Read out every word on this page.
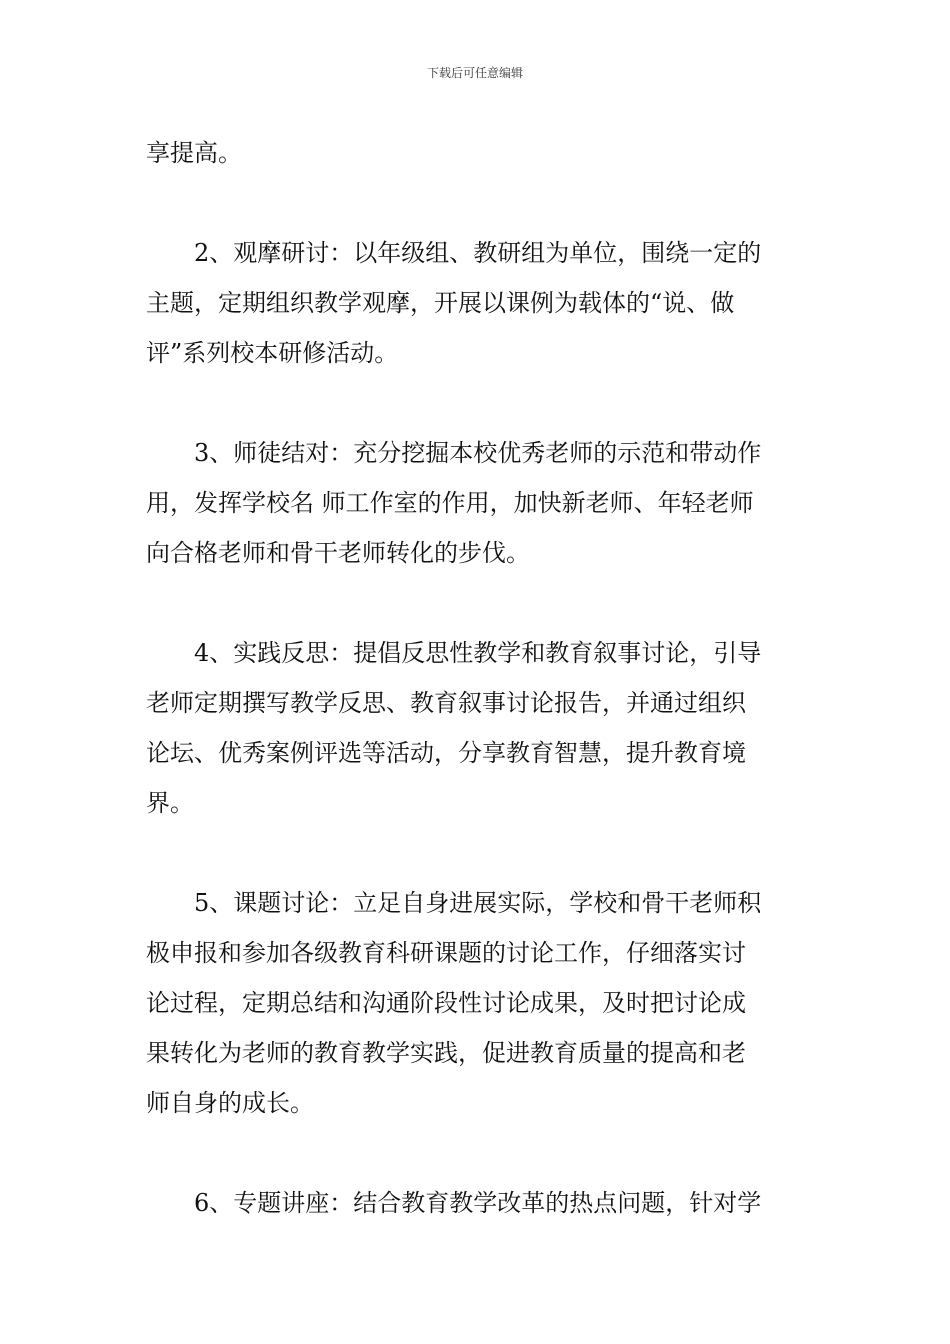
下载后可任意编辑
享提高。
2、观摩研讨：以年级组、教研组为单位，围绕一定的
主题，定期组织教学观摩，开展以课例为载体的“说、做
评”系列校本研修活动。
3、师徒结对：充分挖掘本校优秀老师的示范和带动作
用，发挥学校名 师工作室的作用，加快新老师、年轻老师
向合格老师和骨干老师转化的步伐。
4、实践反思：提倡反思性教学和教育叙事讨论，引导
老师定期撰写教学反思、教育叙事讨论报告，并通过组织
论坛、优秀案例评选等活动，分享教育智慧，提升教育境
界。
5、课题讨论：立足自身进展实际，学校和骨干老师积
极申报和参加各级教育科研课题的讨论工作，仔细落实讨
论过程，定期总结和沟通阶段性讨论成果，及时把讨论成
果转化为老师的教育教学实践，促进教育质量的提高和老
师自身的成长。
6、专题讲座：结合教育教学改革的热点问题，针对学
